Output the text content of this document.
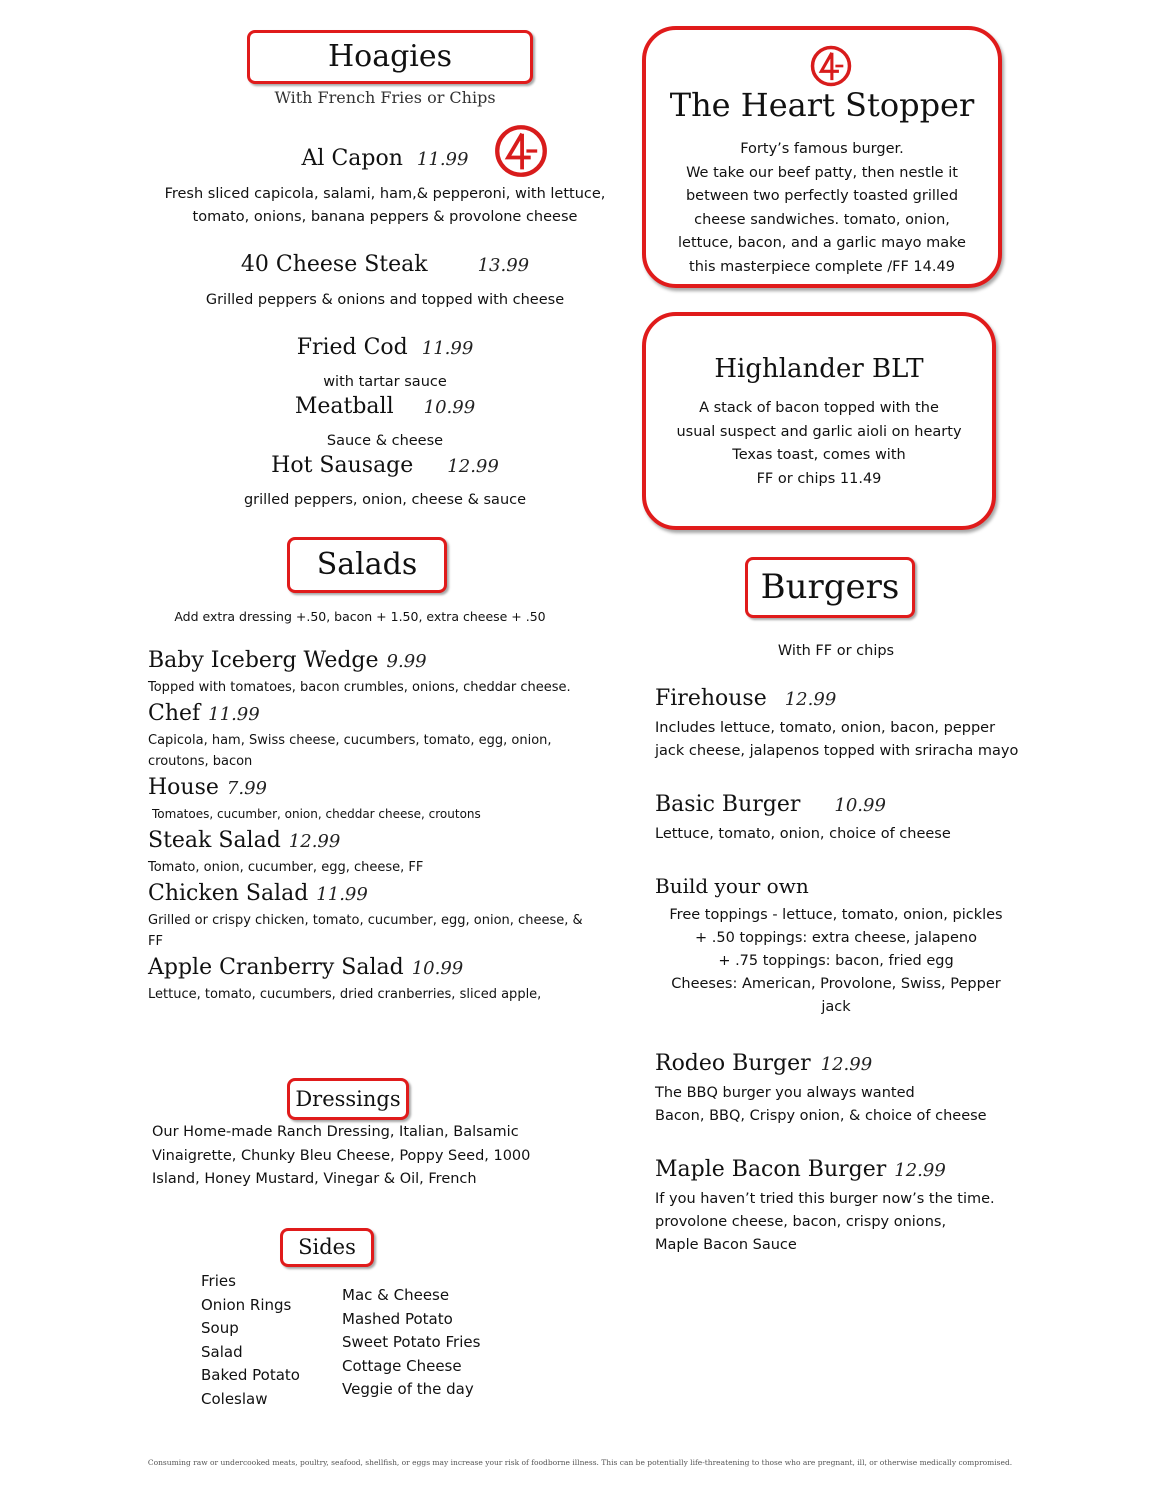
Hoagies
With French Fries or Chips
Al Capon 11.99
Fresh sliced capicola, salami, ham,& pepperoni, with lettuce, tomato, onions, banana peppers & provolone cheese
40 Cheese Steak	13.99
Grilled peppers & onions and topped with cheese
Fried Cod 11.99
with tartar sauce
Meatball 10.99
Sauce & cheese
Hot Sausage 12.99
grilled peppers, onion, cheese & sauce
The Heart Stopper
Forty’s famous burger.
We take our beef patty, then nestle it
between two perfectly toasted grilled
cheese sandwiches. tomato, onion,
lettuce, bacon, and a garlic mayo make
this masterpiece complete /FF 14.49
Highlander BLT
A stack of bacon topped with the
usual suspect and garlic aioli on hearty
Texas toast, comes with
FF or chips 11.49
Salads
Add extra dressing +.50, bacon + 1.50, extra cheese + .50
Baby Iceberg Wedge 9.99
Topped with tomatoes, bacon crumbles, onions, cheddar cheese.
Chef 11.99
Capicola, ham, Swiss cheese, cucumbers, tomato, egg, onion, croutons, bacon
House 7.99
Tomatoes, cucumber, onion, cheddar cheese, croutons
Steak Salad 12.99
Tomato, onion, cucumber, egg, cheese, FF
Chicken Salad 11.99
Grilled or crispy chicken, tomato, cucumber, egg, onion, cheese, & FF
Apple Cranberry Salad 10.99
Lettuce, tomato, cucumbers, dried cranberries, sliced apple,
Dressings
Our Home-made Ranch Dressing, Italian, Balsamic Vinaigrette, Chunky Bleu Cheese, Poppy Seed, 1000 Island, Honey Mustard, Vinegar & Oil, French
Sides
Fries
Onion Rings
Soup
Salad
Baked Potato
Coleslaw
Mac & Cheese
Mashed Potato
Sweet Potato Fries
Cottage Cheese
Veggie of the day
Burgers
With FF or chips
Firehouse 12.99
Includes lettuce, tomato, onion, bacon, pepper jack cheese, jalapenos topped with sriracha mayo
Basic Burger 10.99
Lettuce, tomato, onion, choice of cheese
Build your own
Free toppings - lettuce, tomato, onion, pickles
+ .50 toppings: extra cheese, jalapeno
+ .75 toppings: bacon, fried egg
Cheeses: American, Provolone, Swiss, Pepper jack
Rodeo Burger 12.99
The BBQ burger you always wanted
Bacon, BBQ, Crispy onion, & choice of cheese
Maple Bacon Burger 12.99
If you haven’t tried this burger now’s the time.
provolone cheese, bacon, crispy onions,
Maple Bacon Sauce
Consuming raw or undercooked meats, poultry, seafood, shellfish, or eggs may increase your risk of foodborne illness. This can be potentially life-threatening to those who are pregnant, ill, or otherwise medically compromised.
